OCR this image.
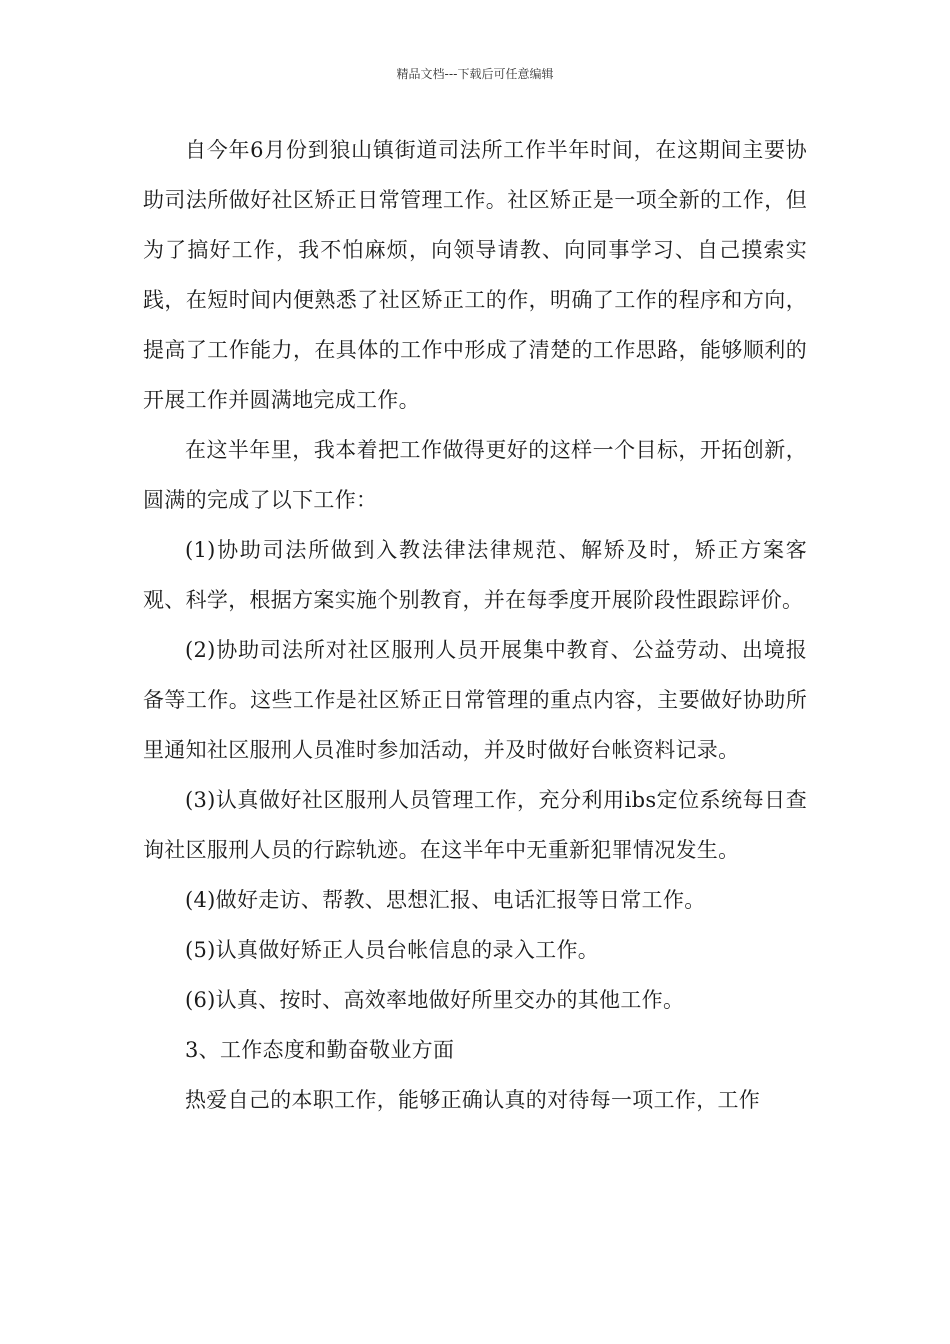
精品文档---下载后可任意编辑

自今年6月份到狼山镇街道司法所工作半年时间，在这期间主要协助司法所做好社区矫正日常管理工作。社区矫正是一项全新的工作，但为了搞好工作，我不怕麻烦，向领导请教、向同事学习、自己摸索实践，在短时间内便熟悉了社区矫正工的作，明确了工作的程序和方向，提高了工作能力，在具体的工作中形成了清楚的工作思路，能够顺利的开展工作并圆满地完成工作。

在这半年里，我本着把工作做得更好的这样一个目标，开拓创新，圆满的完成了以下工作：

(1)协助司法所做到入教法律法律规范、解矫及时，矫正方案客观、科学，根据方案实施个别教育，并在每季度开展阶段性跟踪评价。

(2)协助司法所对社区服刑人员开展集中教育、公益劳动、出境报备等工作。这些工作是社区矫正日常管理的重点内容，主要做好协助所里通知社区服刑人员准时参加活动，并及时做好台帐资料记录。

(3)认真做好社区服刑人员管理工作，充分利用ibs定位系统每日查询社区服刑人员的行踪轨迹。在这半年中无重新犯罪情况发生。

(4)做好走访、帮教、思想汇报、电话汇报等日常工作。

(5)认真做好矫正人员台帐信息的录入工作。

(6)认真、按时、高效率地做好所里交办的其他工作。

3、工作态度和勤奋敬业方面

热爱自己的本职工作，能够正确认真的对待每一项工作，工作
